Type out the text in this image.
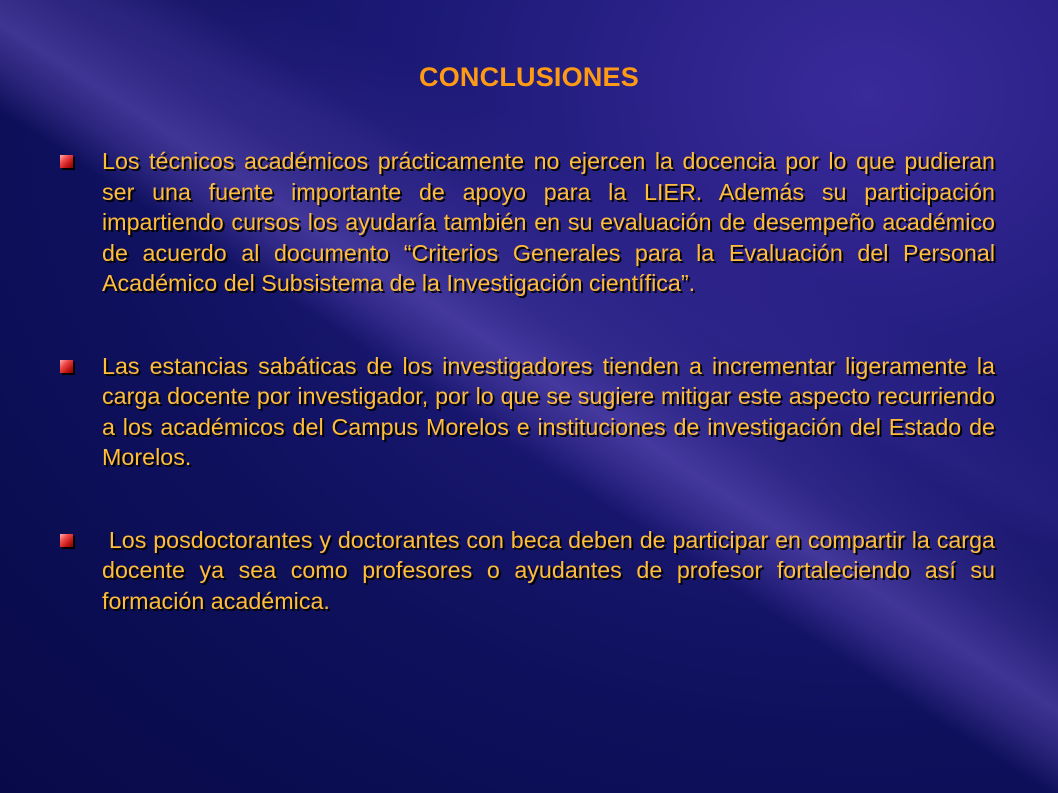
CONCLUSIONES
Los técnicos académicos prácticamente no ejercen la docencia por lo que pudieran ser una fuente importante de apoyo para la LIER. Además su participación impartiendo cursos los ayudaría también en su evaluación de desempeño académico de acuerdo al documento “Criterios Generales para la Evaluación del Personal Académico del Subsistema de la Investigación científica”.
Las estancias sabáticas de los investigadores tienden a incrementar ligeramente la carga docente por investigador, por lo que se sugiere mitigar este aspecto recurriendo a los académicos del Campus Morelos e instituciones de investigación del Estado de Morelos.
Los posdoctorantes y doctorantes con beca deben de participar en compartir la carga docente ya sea como profesores o ayudantes de profesor fortaleciendo así su formación académica.
